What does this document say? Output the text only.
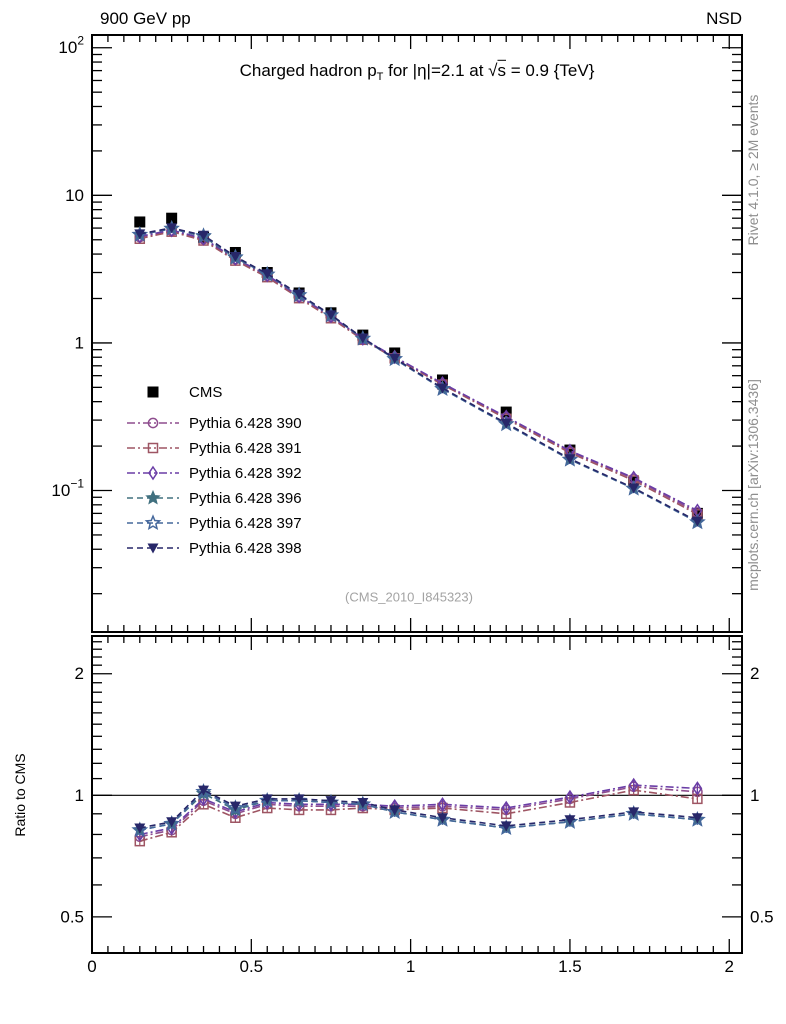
$10^2$
10
1
$10^{-1}$
2	2
1	1
0.5	0.5
0	0.5	1	1.5	2
CMS
Pythia 6.428 390
Pythia 6.428 391
Pythia 6.428 392
Pythia 6.428 396
Pythia 6.428 397
Pythia 6.428 398
900 GeV pp	NSD
Charged hadron $p_T$ for |η|=2.1 at √s = 0.9 {TeV}
Rivet 4.1.0, ≥ 2M events
mcplots.cern.ch [arXiv:1306.3436]
Ratio to CMS
(CMS_2010_I845323)
